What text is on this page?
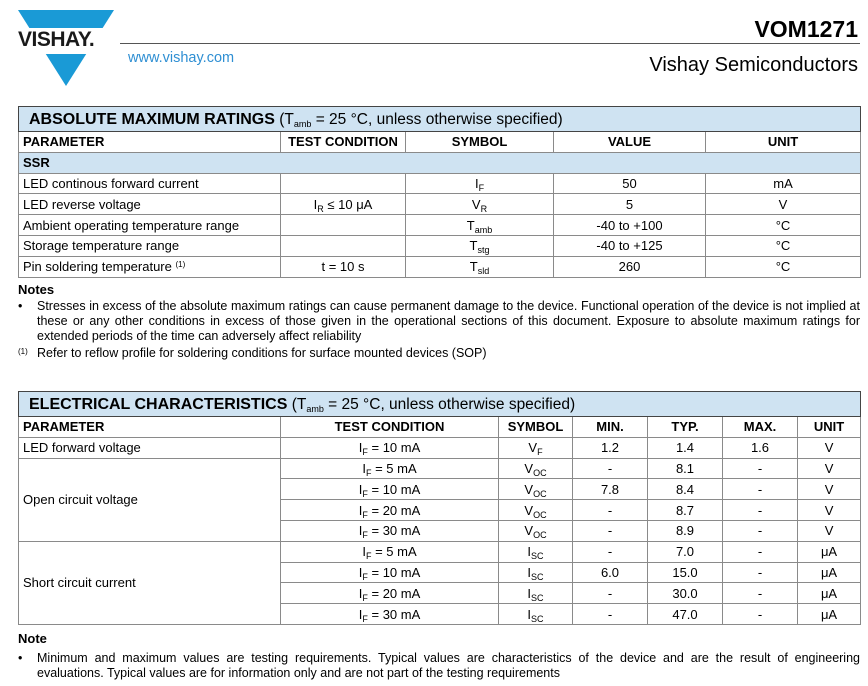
VISHAY.
www.vishay.com
VOM1271
Vishay Semiconductors
ABSOLUTE MAXIMUM RATINGS ($T_{amb} = 25$ °C, unless otherwise specified)				
PARAMETER	TEST CONDITION	SYMBOL	VALUE	UNIT
SSR				
LED continous forward current		$I_F$	50	mA
LED reverse voltage	$I_R \le 10$ μA	$V_R$	5	V
Ambient operating temperature range		$T_{amb}$	-40 to +100	°C
Storage temperature range		$T_{stg}$	-40 to +125	°C
Pin soldering temperature $^{(1)}$	t = 10 s	$T_{sld}$	260	°C
Notes
• Stresses in excess of the absolute maximum ratings can cause permanent damage to the device. Functional operation of the device is not implied at these or any other conditions in excess of those given in the operational sections of this document. Exposure to absolute maximum ratings for extended periods of the time can adversely affect reliability
(1) Refer to reflow profile for soldering conditions for surface mounted devices (SOP)
ELECTRICAL CHARACTERISTICS ($T_{amb} = 25$ °C, unless otherwise specified)						
PARAMETER	TEST CONDITION	SYMBOL	MIN.	TYP.	MAX.	UNIT
LED forward voltage	$I_F = 10$ mA	$V_F$	1.2	1.4	1.6	V
Open circuit voltage	$I_F = 5$ mA	$V_{OC}$	-	8.1	-	V
	$I_F = 10$ mA	$V_{OC}$	7.8	8.4	-	V
	$I_F = 20$ mA	$V_{OC}$	-	8.7	-	V
	$I_F = 30$ mA	$V_{OC}$	-	8.9	-	V
Short circuit current	$I_F = 5$ mA	$I_{SC}$	-	7.0	-	μA
	$I_F = 10$ mA	$I_{SC}$	6.0	15.0	-	μA
	$I_F = 20$ mA	$I_{SC}$	-	30.0	-	μA
	$I_F = 30$ mA	$I_{SC}$	-	47.0	-	μA
Note
• Minimum and maximum values are testing requirements. Typical values are characteristics of the device and are the result of engineering evaluations. Typical values are for information only and are not part of the testing requirements
